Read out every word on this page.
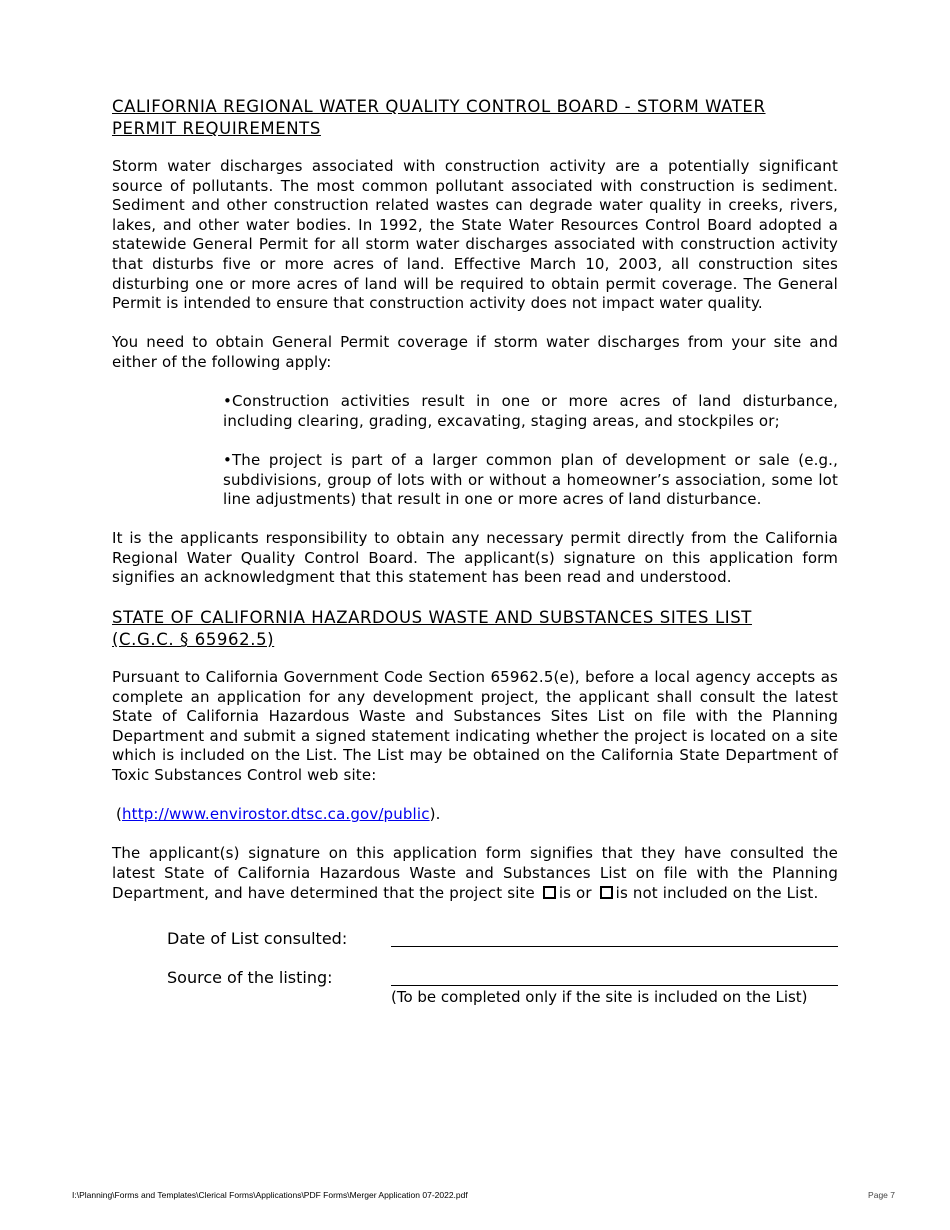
CALIFORNIA REGIONAL WATER QUALITY CONTROL BOARD - STORM WATER
PERMIT REQUIREMENTS

Storm water discharges associated with construction activity are a potentially significant source of pollutants. The most common pollutant associated with construction is sediment. Sediment and other construction related wastes can degrade water quality in creeks, rivers, lakes, and other water bodies. In 1992, the State Water Resources Control Board adopted a statewide General Permit for all storm water discharges associated with construction activity that disturbs five or more acres of land. Effective March 10, 2003, all construction sites disturbing one or more acres of land will be required to obtain permit coverage. The General Permit is intended to ensure that construction activity does not impact water quality.

You need to obtain General Permit coverage if storm water discharges from your site and either of the following apply:

•Construction activities result in one or more acres of land disturbance, including clearing, grading, excavating, staging areas, and stockpiles or;

•The project is part of a larger common plan of development or sale (e.g., subdivisions, group of lots with or without a homeowner’s association, some lot line adjustments) that result in one or more acres of land disturbance.

It is the applicants responsibility to obtain any necessary permit directly from the California Regional Water Quality Control Board. The applicant(s) signature on this application form signifies an acknowledgment that this statement has been read and understood.

STATE OF CALIFORNIA HAZARDOUS WASTE AND SUBSTANCES SITES LIST
(C.G.C. § 65962.5)

Pursuant to California Government Code Section 65962.5(e), before a local agency accepts as complete an application for any development project, the applicant shall consult the latest State of California Hazardous Waste and Substances Sites List on file with the Planning Department and submit a signed statement indicating whether the project is located on a site which is included on the List. The List may be obtained on the California State Department of Toxic Substances Control web site:

(http://www.envirostor.dtsc.ca.gov/public).

The applicant(s) signature on this application form signifies that they have consulted the latest State of California Hazardous Waste and Substances List on file with the Planning Department, and have determined that the project site is or is not included on the List.

Date of List consulted:
Source of the listing:
(To be completed only if the site is included on the List)
I:\Planning\Forms and Templates\Clerical Forms\Applications\PDF Forms\Merger Application 07-2022.pdf	Page 7
